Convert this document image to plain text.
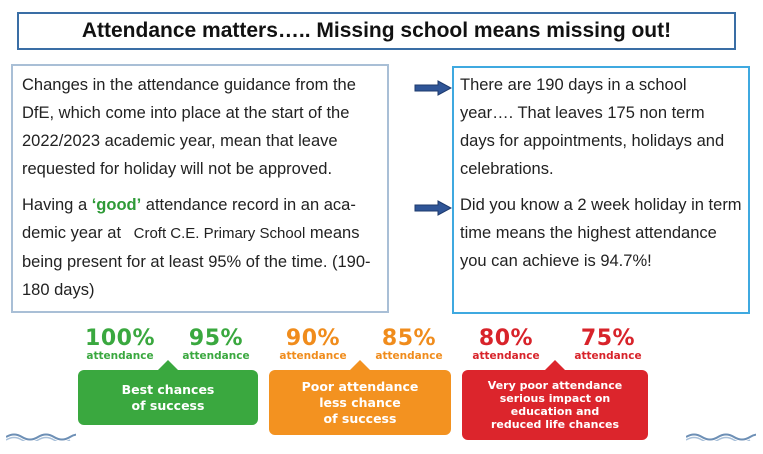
Attendance matters….. Missing school means missing out!

Changes in the attendance guidance from the DfE, which come into place at the start of the 2022/2023 academic year, mean that leave requested for holiday will not be approved.

Having a ‘good’ attendance record in an aca-demic year at Croft C.E. Primary School means being present for at least 95% of the time. (190-180 days)

There are 190 days in a school year…. That leaves 175 non term days for appointments, holidays and celebrations.

Did you know a 2 week holiday in term time means the highest attendance you can achieve is 94.7%!

100%
attendance
95%
attendance
90%
attendance
85%
attendance
80%
attendance
75%
attendance
Best chances
of success
Poor attendance
less chance
of success
Very poor attendance
serious impact on
education and
reduced life chances
